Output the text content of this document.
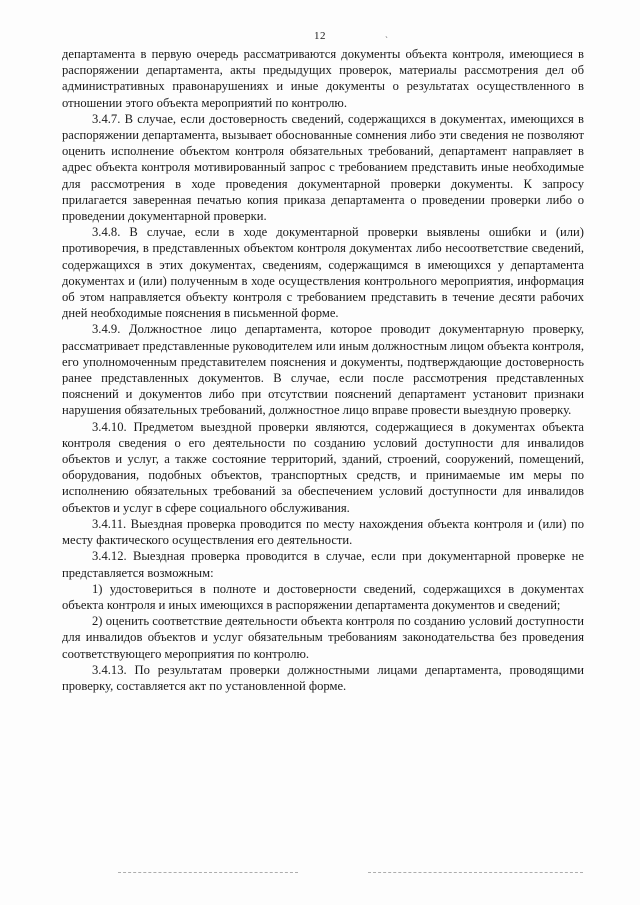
12	ˎ

департамента в первую очередь рассматриваются документы объекта контроля, имеющиеся в распоряжении департамента, акты предыдущих проверок, материалы рассмотрения дел об административных правонарушениях и иные документы о результатах осуществленного в отношении этого объекта мероприятий по контролю.

3.4.7. В случае, если достоверность сведений, содержащихся в документах, имеющихся в распоряжении департамента, вызывает обоснованные сомнения либо эти сведения не позволяют оценить исполнение объектом контроля обязательных требований, департамент направляет в адрес объекта контроля мотивированный запрос с требованием представить иные необходимые для рассмотрения в ходе проведения документарной проверки документы. К запросу прилагается заверенная печатью копия приказа департамента о проведении проверки либо о проведении документарной проверки.

3.4.8. В случае, если в ходе документарной проверки выявлены ошибки и (или) противоречия, в представленных объектом контроля документах либо несоответствие сведений, содержащихся в этих документах, сведениям, содержащимся в имеющихся у департамента документах и (или) полученным в ходе осуществления контрольного мероприятия, информация об этом направляется объекту контроля с требованием представить в течение десяти рабочих дней необходимые пояснения в письменной форме.

3.4.9. Должностное лицо департамента, которое проводит документарную проверку, рассматривает представленные руководителем или иным должностным лицом объекта контроля, его уполномоченным представителем пояснения и документы, подтверждающие достоверность ранее представленных документов. В случае, если после рассмотрения представленных пояснений и документов либо при отсутствии пояснений департамент установит признаки нарушения обязательных требований, должностное лицо вправе провести выездную проверку.

3.4.10. Предметом выездной проверки являются, содержащиеся в документах объекта контроля сведения о его деятельности по созданию условий доступности для инвалидов объектов и услуг, а также состояние территорий, зданий, строений, сооружений, помещений, оборудования, подобных объектов, транспортных средств, и принимаемые им меры по исполнению обязательных требований за обеспечением условий доступности для инвалидов объектов и услуг в сфере социального обслуживания.

3.4.11. Выездная проверка проводится по месту нахождения объекта контроля и (или) по месту фактического осуществления его деятельности.

3.4.12. Выездная проверка проводится в случае, если при документарной проверке не представляется возможным:

1) удостовериться в полноте и достоверности сведений, содержащихся в документах объекта контроля и иных имеющихся в распоряжении департамента документов и сведений;

2) оценить соответствие деятельности объекта контроля по созданию условий доступности для инвалидов объектов и услуг обязательным требованиям законодательства без проведения соответствующего мероприятия по контролю.

3.4.13. По результатам проверки должностными лицами департамента, проводящими проверку, составляется акт по установленной форме.
